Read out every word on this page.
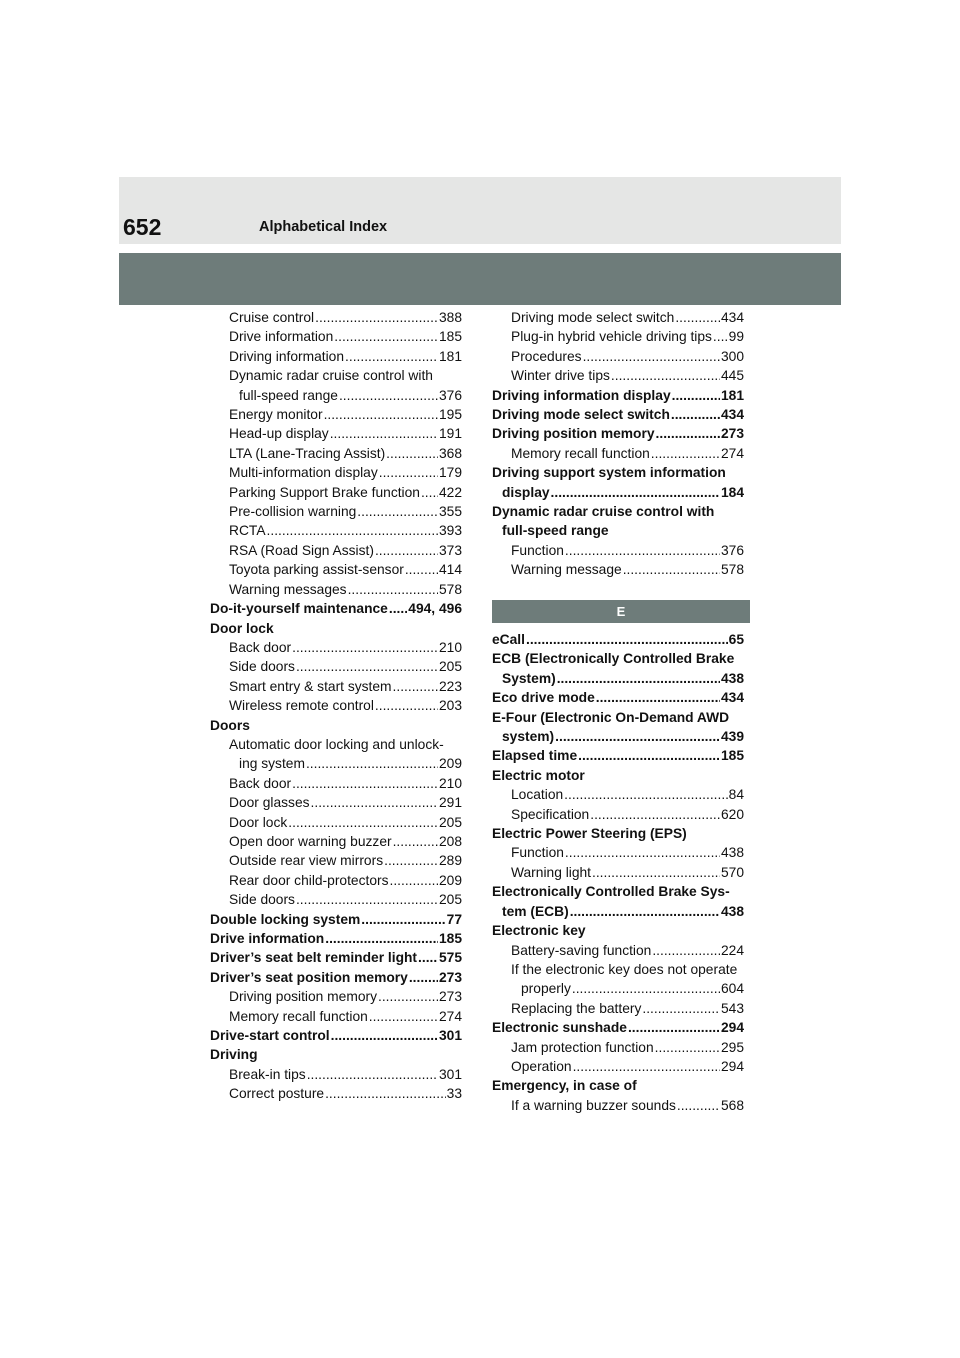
652	Alphabetical Index
Cruise control .....	388
Drive information .....	185
Driving information .....	181
Dynamic radar cruise control with
full-speed range .....	376
Energy monitor .....	195
Head-up display .....	191
LTA (Lane-Tracing Assist) .....	368
Multi-information display .....	179
Parking Support Brake function ..... 422
Pre-collision warning .....	355
RCTA .....	393
RSA (Road Sign Assist) .....	373
Toyota parking assist-sensor .....	414
Warning messages .....	578
Do-it-yourself maintenance ..... 494, 496
Door lock
Back door .....	210
Side doors .....	205
Smart entry & start system .....	223
Wireless remote control .....	203
Doors
Automatic door locking and unlock-
ing system .....	209
Back door .....	210
Door glasses .....	291
Door lock .....	205
Open door warning buzzer .....	208
Outside rear view mirrors .....	289
Rear door child-protectors .....	209
Side doors .....	205
Double locking system .....	77
Drive information .....	185
Driver’s seat belt reminder light ..... 575
Driver’s seat position memory ..... 273
Driving position memory .....	273
Memory recall function .....	274
Drive-start control .....	301
Driving
Break-in tips .....	301
Correct posture .....	33
Driving mode select switch .....	434
Plug-in hybrid vehicle driving tips ..... 99
Procedures .....	300
Winter drive tips .....	445
Driving information display .....	181
Driving mode select switch .....	434
Driving position memory .....	273
Memory recall function .....	274
Driving support system information
display .....	184
Dynamic radar cruise control with
full-speed range
Function .....	376
Warning message .....	578
E
eCall .....	65
ECB (Electronically Controlled Brake
System) .....	438
Eco drive mode .....	434
E-Four (Electronic On-Demand AWD
system) .....	439
Elapsed time .....	185
Electric motor
Location .....	84
Specification .....	620
Electric Power Steering (EPS)
Function .....	438
Warning light .....	570
Electronically Controlled Brake Sys-
tem (ECB) .....	438
Electronic key
Battery-saving function .....	224
If the electronic key does not operate
properly .....	604
Replacing the battery .....	543
Electronic sunshade .....	294
Jam protection function .....	295
Operation .....	294
Emergency, in case of
If a warning buzzer sounds .....	568
